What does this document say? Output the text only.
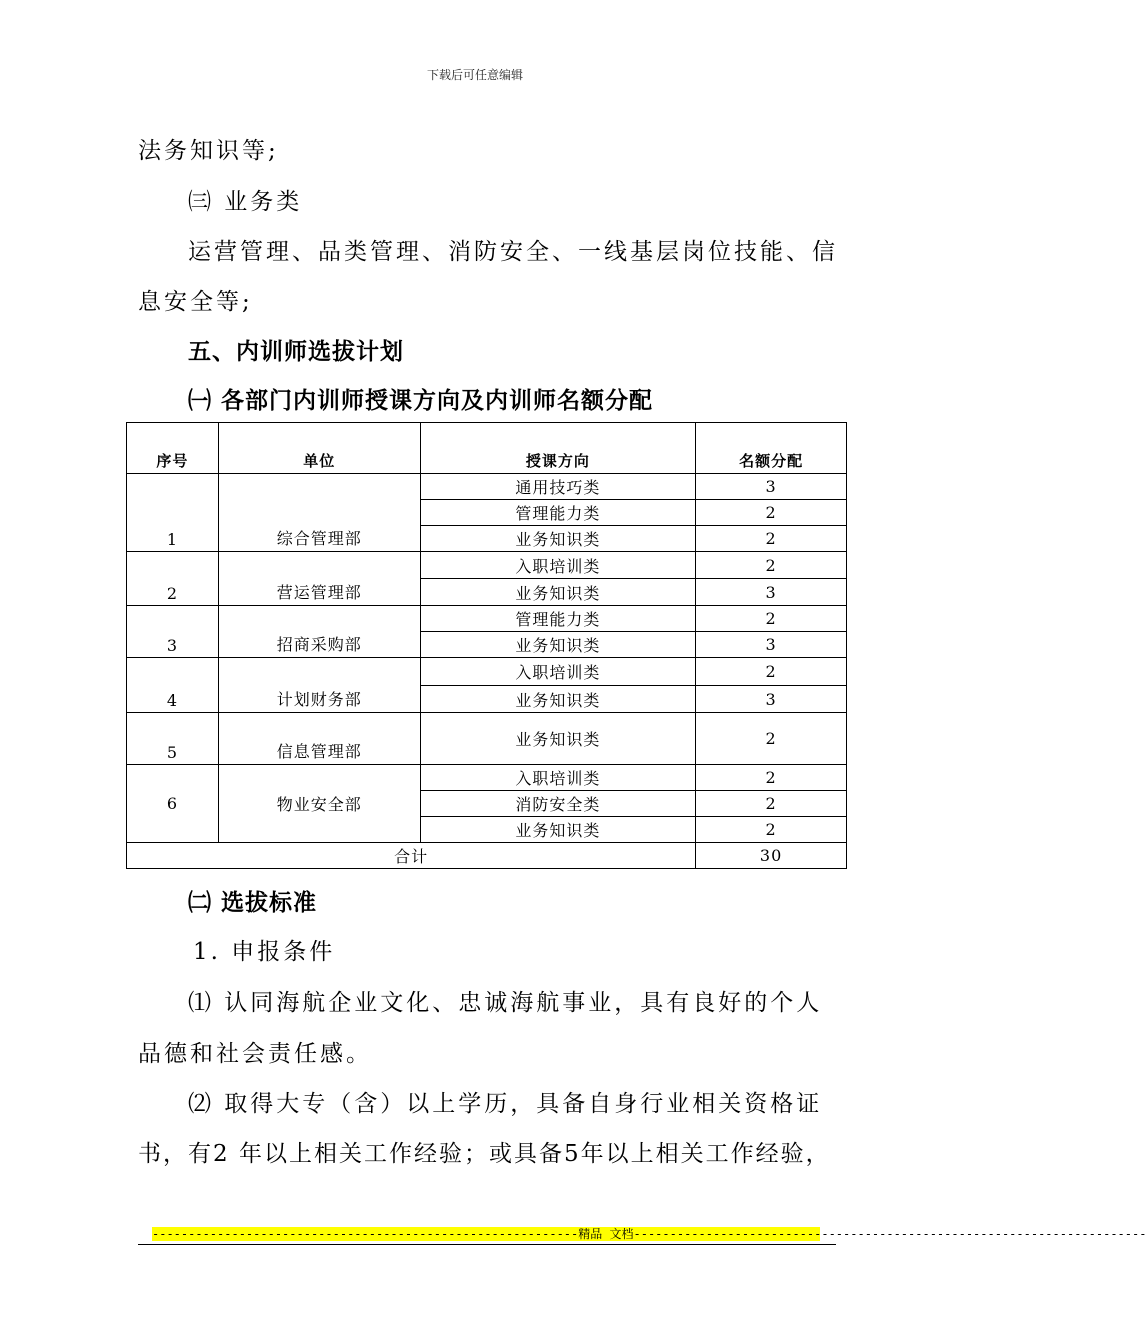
下载后可任意编辑
法务知识等;
㈢ 业务类
运营管理、品类管理、消防安全、一线基层岗位技能、信
息安全等;
五、内训师选拔计划
㈠ 各部门内训师授课方向及内训师名额分配
序号	单位	授课方向	名额分配
1	综合管理部	通用技巧类	3
		管理能力类	2
		业务知识类	2
2	营运管理部	入职培训类	2
		业务知识类	3
3	招商采购部	管理能力类	2
		业务知识类	3
4	计划财务部	入职培训类	2
		业务知识类	3
5	信息管理部	业务知识类	2
6	物业安全部	入职培训类	2
		消防安全类	2
		业务知识类	2
合计			30
㈡ 选拔标准
1. 申报条件
⑴ 认同海航企业文化、忠诚海航事业，具有良好的个人
品德和社会责任感。
⑵ 取得大专（含）以上学历，具备自身行业相关资格证
书，有2 年以上相关工作经验；或具备5年以上相关工作经验，
-----------------------------------------------------------精品 文档-----------------------------------------------------------------------
